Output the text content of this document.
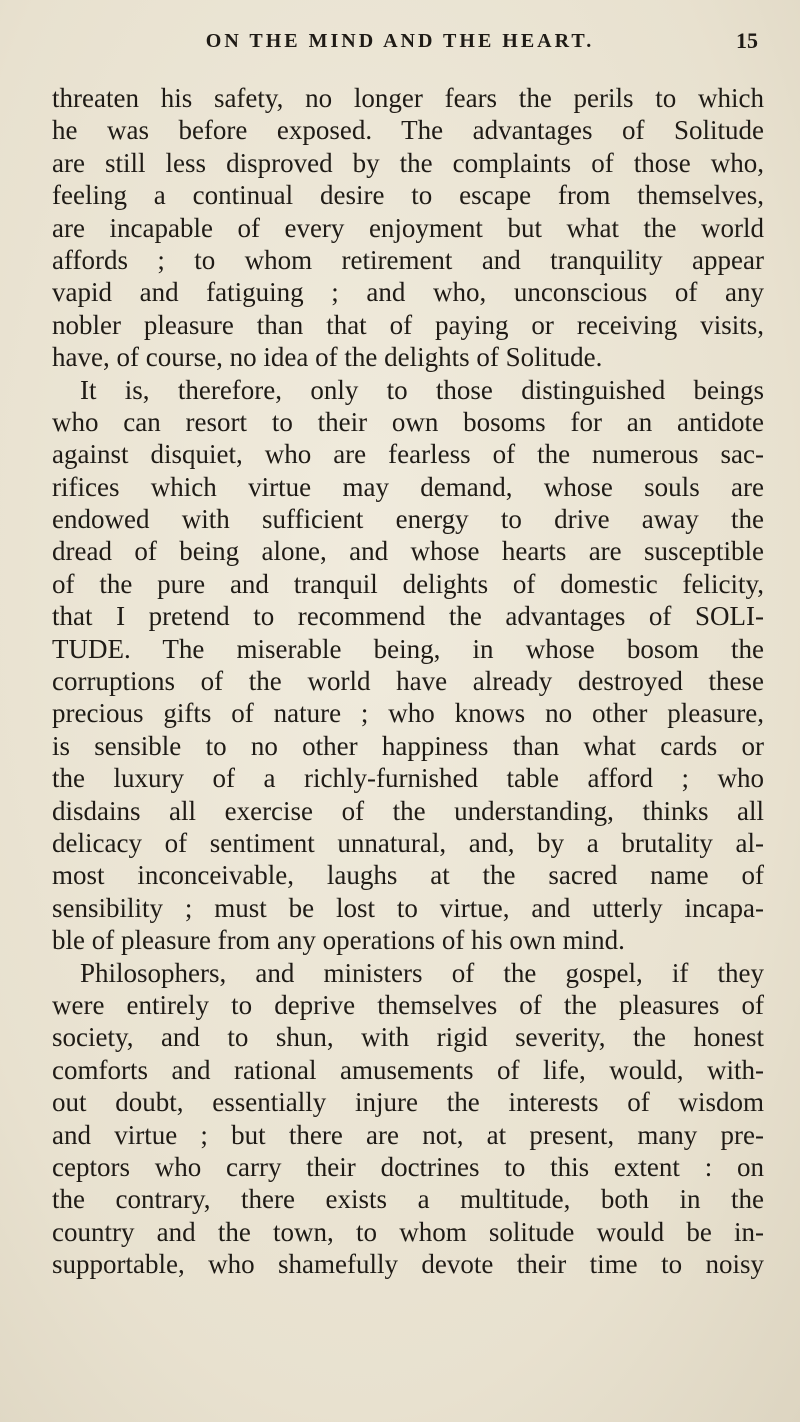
ON THE MIND AND THE HEART.	15
threaten his safety, no longer fears the perils to which
he was before exposed. The advantages of Solitude
are still less disproved by the complaints of those who,
feeling a continual desire to escape from themselves,
are incapable of every enjoyment but what the world
affords ; to whom retirement and tranquility appear
vapid and fatiguing ; and who, unconscious of any
nobler pleasure than that of paying or receiving visits,
have, of course, no idea of the delights of Solitude.
It is, therefore, only to those distinguished beings
who can resort to their own bosoms for an antidote
against disquiet, who are fearless of the numerous sac-
rifices which virtue may demand, whose souls are
endowed with sufficient energy to drive away the
dread of being alone, and whose hearts are susceptible
of the pure and tranquil delights of domestic felicity,
that I pretend to recommend the advantages of SOLI-
TUDE. The miserable being, in whose bosom the
corruptions of the world have already destroyed these
precious gifts of nature ; who knows no other pleasure,
is sensible to no other happiness than what cards or
the luxury of a richly-furnished table afford ; who
disdains all exercise of the understanding, thinks all
delicacy of sentiment unnatural, and, by a brutality al-
most inconceivable, laughs at the sacred name of
sensibility ; must be lost to virtue, and utterly incapa-
ble of pleasure from any operations of his own mind.
Philosophers, and ministers of the gospel, if they
were entirely to deprive themselves of the pleasures of
society, and to shun, with rigid severity, the honest
comforts and rational amusements of life, would, with-
out doubt, essentially injure the interests of wisdom
and virtue ; but there are not, at present, many pre-
ceptors who carry their doctrines to this extent : on
the contrary, there exists a multitude, both in the
country and the town, to whom solitude would be in-
supportable, who shamefully devote their time to noisy
